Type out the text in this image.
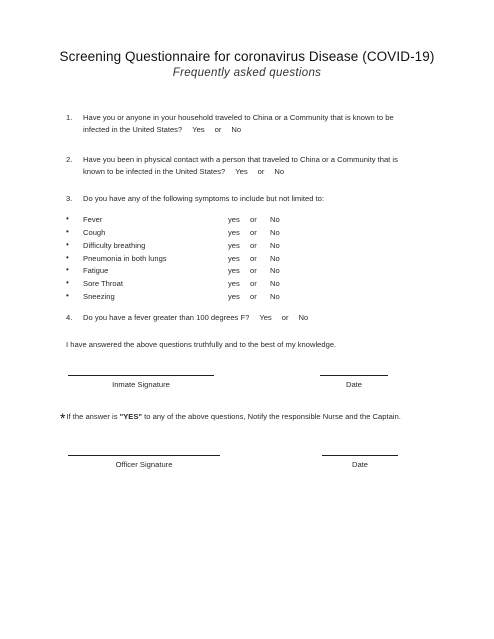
Screening Questionnaire for coronavirus Disease (COVID-19)
Frequently asked questions
1. Have you or anyone in your household traveled to China or a Community that is known to be
infected in the United States? Yes or No
2. Have you been in physical contact with a person that traveled to China or a Community that is
known to be infected in the United States? Yes or No
3. Do you have any of the following symptoms to include but not limited to:
• Fever	yes or No
• Cough	yes or No
• Difficulty breathing	yes or No
• Pneumonia in both lungs	yes or No
• Fatigue	yes or No
• Sore Throat	yes or No
• Sneezing	yes or No
4. Do you have a fever greater than 100 degrees F? Yes or No
I have answered the above questions truthfully and to the best of my knowledge.
Inmate Signature	Date
*If the answer is "YES" to any of the above questions, Notify the responsible Nurse and the Captain.
Officer Signature	Date
